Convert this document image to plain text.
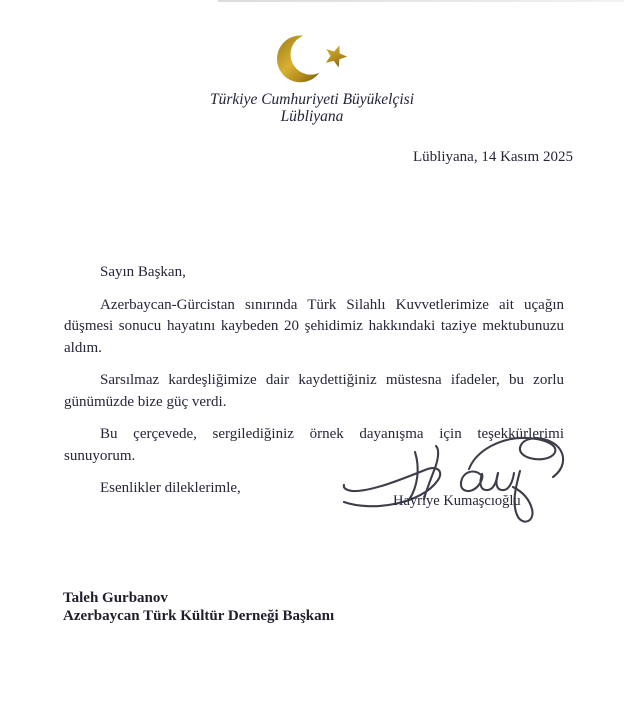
Türkiye Cumhuriyeti Büyükelçisi
Lübliyana
Lübliyana, 14 Kasım 2025

Sayın Başkan,

Azerbaycan-Gürcistan sınırında Türk Silahlı Kuvvetlerimize ait uçağın düşmesi sonucu hayatını kaybeden 20 şehidimiz hakkındaki taziye mektubunuzu aldım.

Sarsılmaz kardeşliğimize dair kaydettiğiniz müstesna ifadeler, bu zorlu günümüzde bize güç verdi.

Bu çerçevede, sergilediğiniz örnek dayanışma için teşekkürlerimi sunuyorum.

Esenlikler dileklerimle,

Hayriye Kumaşcıoğlu
Taleh Gurbanov
Azerbaycan Türk Kültür Derneği Başkanı
